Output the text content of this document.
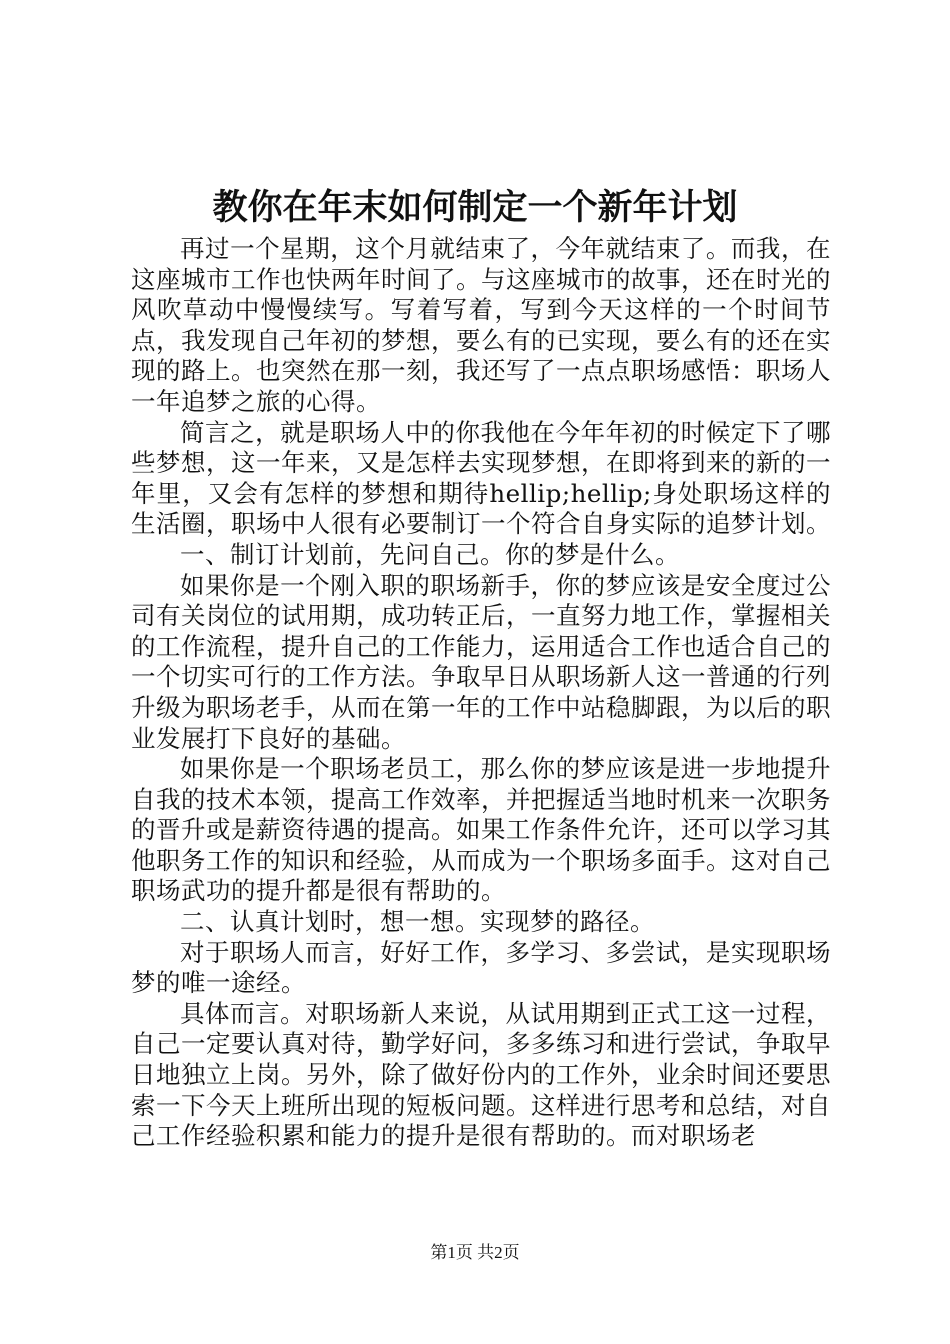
教你在年末如何制定一个新年计划

再过一个星期，这个月就结束了，今年就结束了。而我，在这座城市工作也快两年时间了。与这座城市的故事，还在时光的风吹草动中慢慢续写。写着写着，写到今天这样的一个时间节点，我发现自己年初的梦想，要么有的已实现，要么有的还在实现的路上。也突然在那一刻，我还写了一点点职场感悟：职场人一年追梦之旅的心得。

简言之，就是职场人中的你我他在今年年初的时候定下了哪些梦想，这一年来，又是怎样去实现梦想，在即将到来的新的一年里，又会有怎样的梦想和期待hellip;hellip;身处职场这样的生活圈，职场中人很有必要制订一个符合自身实际的追梦计划。

一、制订计划前，先问自己。你的梦是什么。

如果你是一个刚入职的职场新手，你的梦应该是安全度过公司有关岗位的试用期，成功转正后，一直努力地工作，掌握相关的工作流程，提升自己的工作能力，运用适合工作也适合自己的一个切实可行的工作方法。争取早日从职场新人这一普通的行列升级为职场老手，从而在第一年的工作中站稳脚跟，为以后的职业发展打下良好的基础。

如果你是一个职场老员工，那么你的梦应该是进一步地提升自我的技术本领，提高工作效率，并把握适当地时机来一次职务的晋升或是薪资待遇的提高。如果工作条件允许，还可以学习其他职务工作的知识和经验，从而成为一个职场多面手。这对自己职场武功的提升都是很有帮助的。

二、认真计划时，想一想。实现梦的路径。

对于职场人而言，好好工作，多学习、多尝试，是实现职场梦的唯一途经。

具体而言。对职场新人来说，从试用期到正式工这一过程，自己一定要认真对待，勤学好问，多多练习和进行尝试，争取早日地独立上岗。另外，除了做好份内的工作外，业余时间还要思索一下今天上班所出现的短板问题。这样进行思考和总结，对自己工作经验积累和能力的提升是很有帮助的。而对职场老

第1页 共2页
